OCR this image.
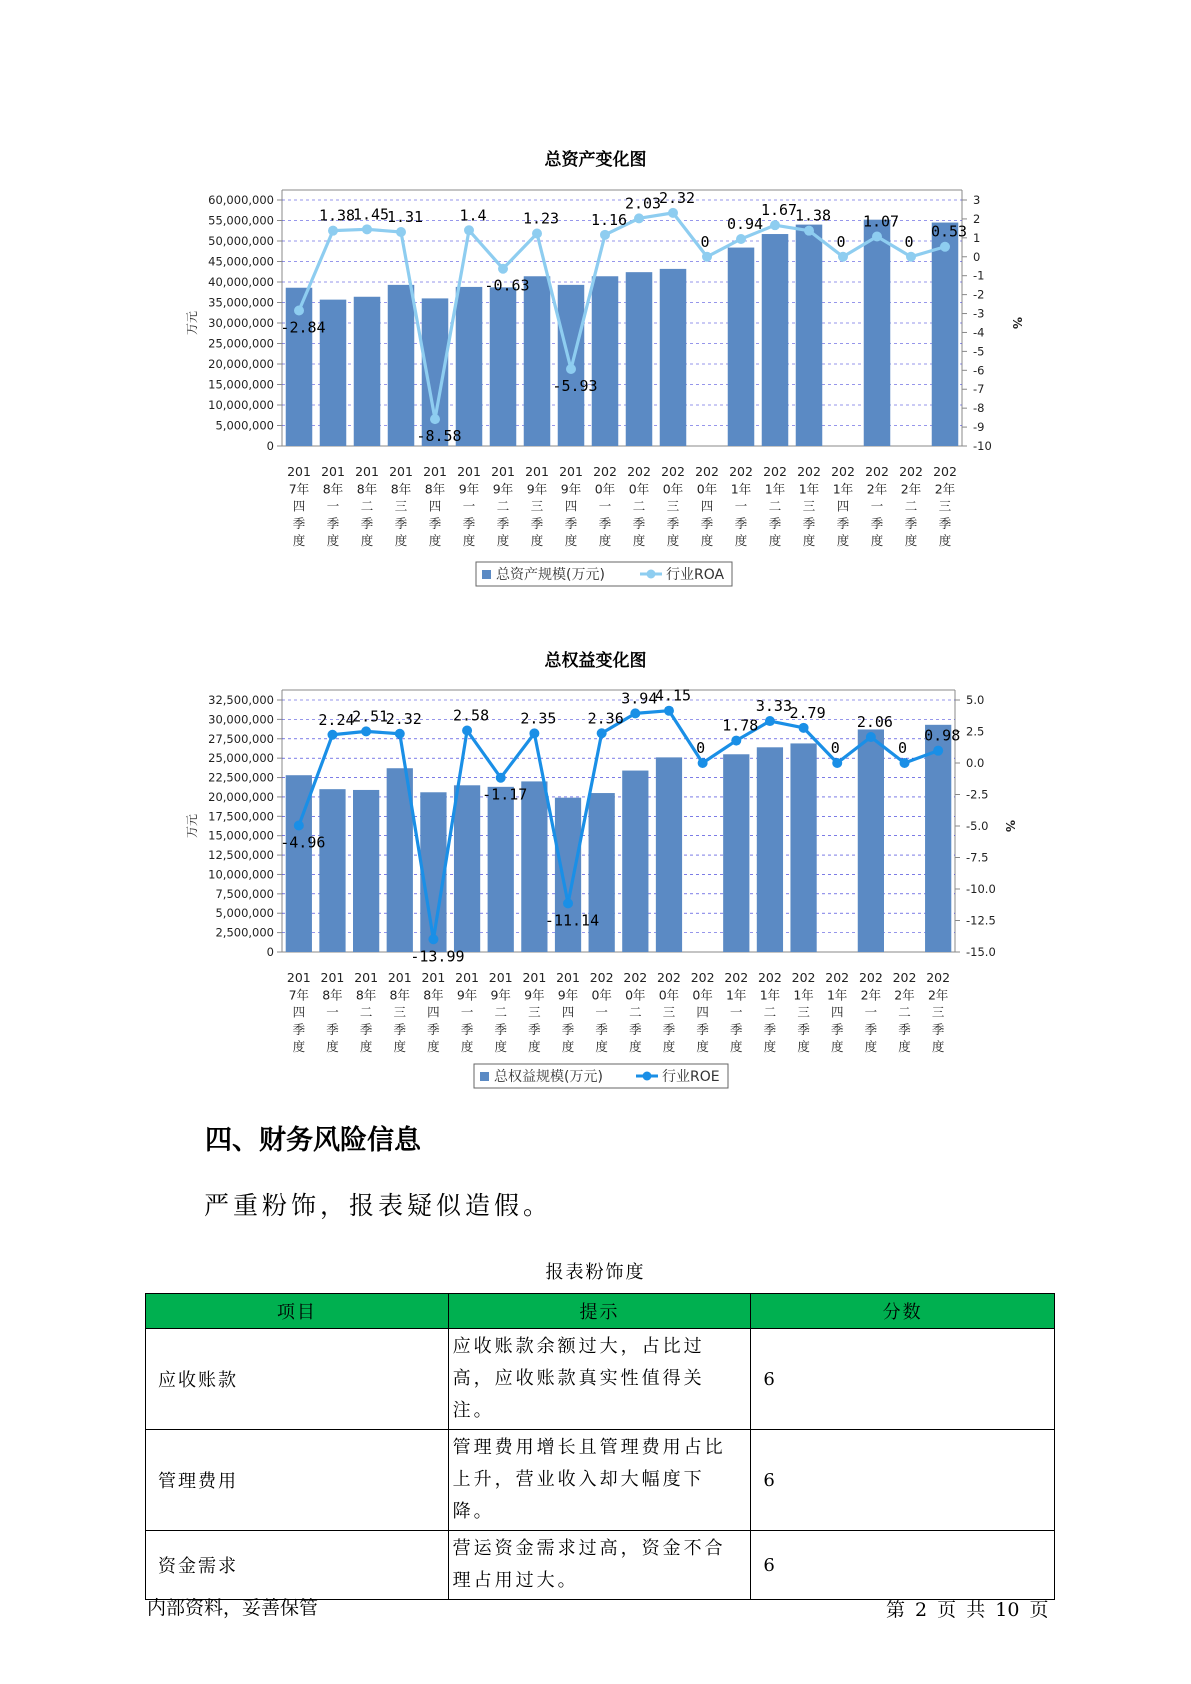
总资产变化图
60,000,000
55,000,000
50,000,000
45,000,000
40,000,000
35,000,000
30,000,000
25,000,000
20,000,000
15,000,000
10,000,000
5,000,000
0
3
2
1
0
-1
-2
-3
-4
-5
-6
-7
-8
-9
-10
万元	%
-2.84
1.38
1.45
1.31
-8.58
1.4
-0.63
1.23
-5.93
1.16
2.03
2.32
0
0.94
1.67
1.38
0
1.07
0
0.53
201
7年
四
季
度
201
8年
一
季
度
201
8年
二
季
度
201
8年
三
季
度
201
8年
四
季
度
201
9年
一
季
度
201
9年
二
季
度
201
9年
三
季
度
201
9年
四
季
度
202
0年
一
季
度
202
0年
二
季
度
202
0年
三
季
度
202
0年
四
季
度
202
1年
一
季
度
202
1年
二
季
度
202
1年
三
季
度
202
1年
四
季
度
202
2年
一
季
度
202
2年
二
季
度
202
2年
三
季
度
总资产规模(万元)	行业ROA
总权益变化图
32,500,000
30,000,000
27,500,000
25,000,000
22,500,000
20,000,000
17,500,000
15,000,000
12,500,000
10,000,000
7,500,000
5,000,000
2,500,000
0
5.0
2.5
0.0
-2.5
-5.0
-7.5
-10.0
-12.5
-15.0
万元	%
-4.96
2.24
2.51
2.32
-13.99
2.58
-1.17
2.35
-11.14
2.36
3.94
4.15
0
1.78
3.33
2.79
0
2.06
0
0.98
201
7年
四
季
度
201
8年
一
季
度
201
8年
二
季
度
201
8年
三
季
度
201
8年
四
季
度
201
9年
一
季
度
201
9年
二
季
度
201
9年
三
季
度
201
9年
四
季
度
202
0年
一
季
度
202
0年
二
季
度
202
0年
三
季
度
202
0年
四
季
度
202
1年
一
季
度
202
1年
二
季
度
202
1年
三
季
度
202
1年
四
季
度
202
2年
一
季
度
202
2年
二
季
度
202
2年
三
季
度
总权益规模(万元)	行业ROE
四、财务风险信息
严重粉饰，报表疑似造假。
报表粉饰度
项目	提示	分数
应收账款	应收账款余额过大，占比过高，应收账款真实性值得关注。	6
管理费用	管理费用增长且管理费用占比上升，营业收入却大幅度下降。	6
资金需求	营运资金需求过高，资金不合理占用过大。	6
内部资料，妥善保管	第 2 页 共 10 页
